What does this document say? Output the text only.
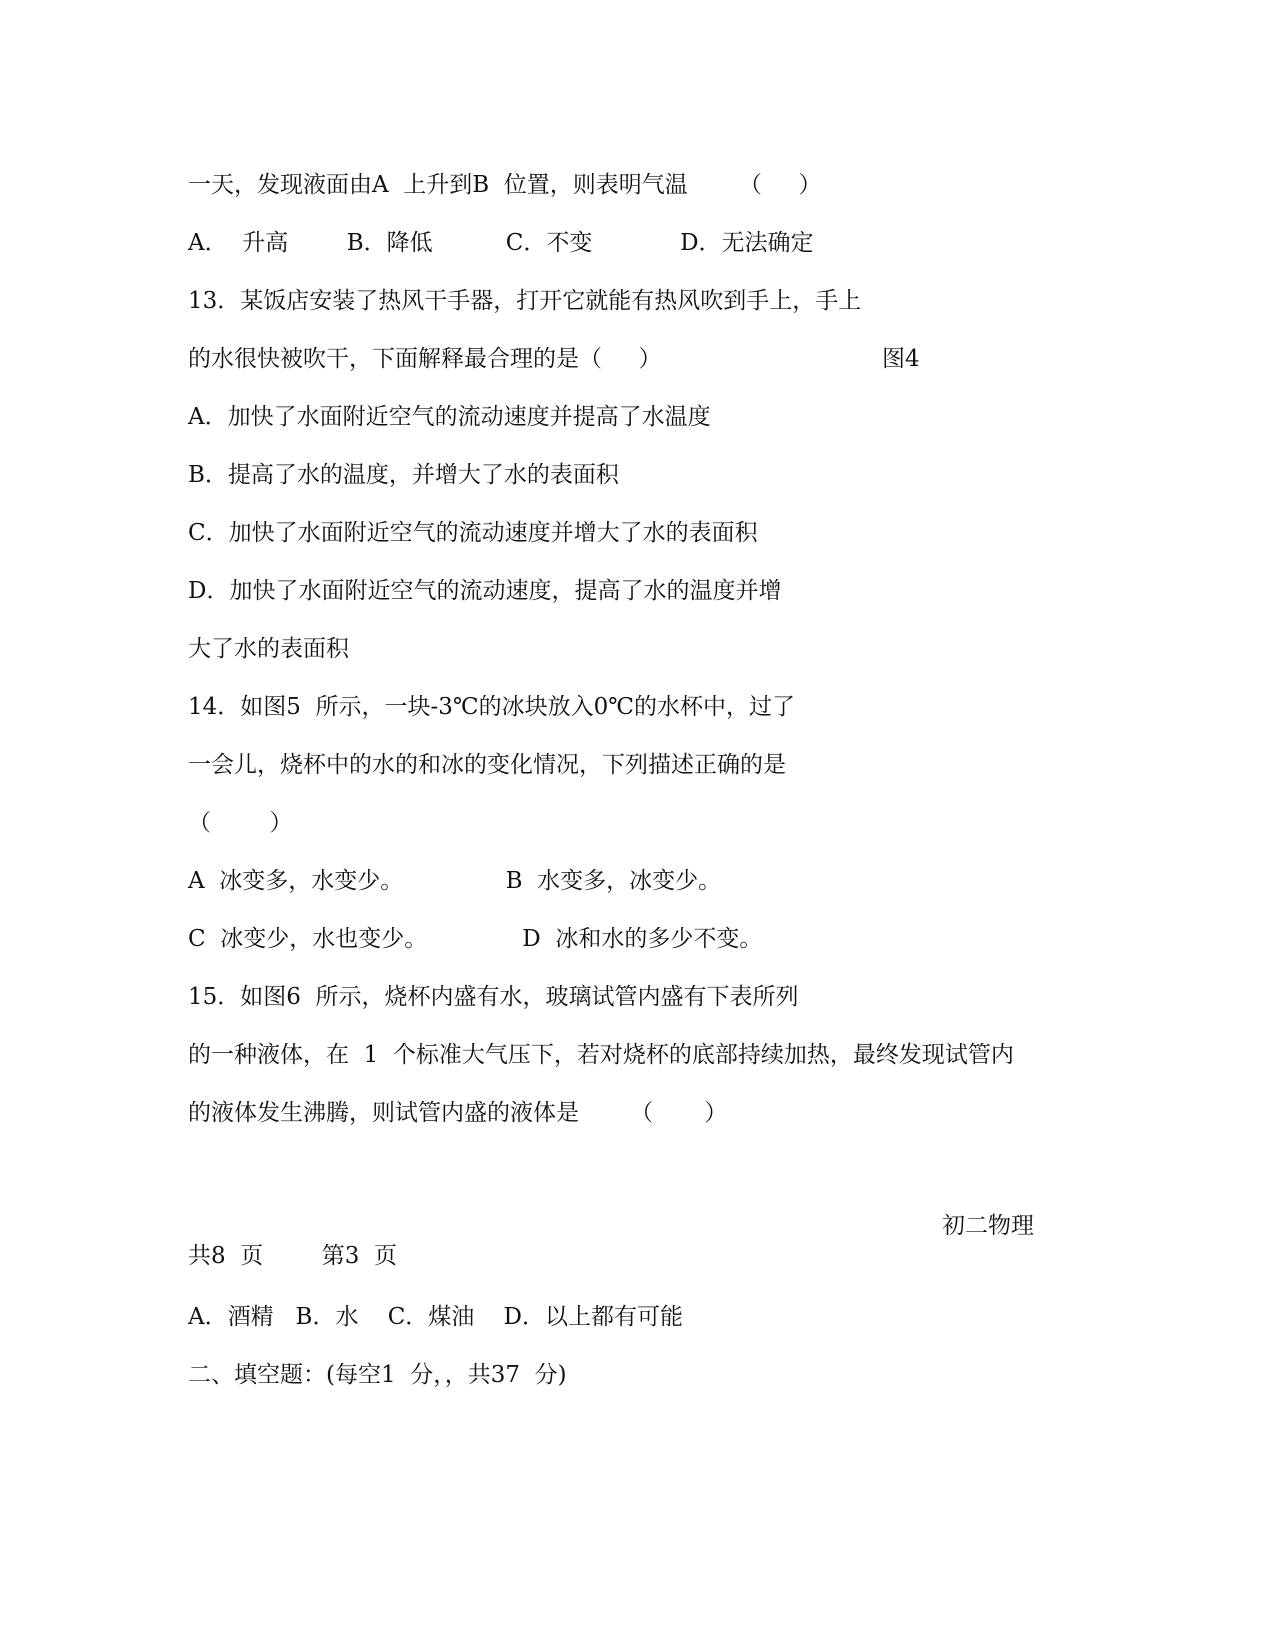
一天，发现液面由A  上升到B  位置，则表明气温       （     ）
A．  升高        B．降低          C．不变            D．无法确定
13．某饭店安装了热风干手器，打开它就能有热风吹到手上，手上
的水很快被吹干，下面解释最合理的是（     ）	图4
A．加快了水面附近空气的流动速度并提高了水温度
B．提高了水的温度，并增大了水的表面积
C．加快了水面附近空气的流动速度并增大了水的表面积
D．加快了水面附近空气的流动速度，提高了水的温度并增
大了水的表面积
14．如图5  所示，一块-3℃的冰块放入0℃的水杯中，过了
一会儿，烧杯中的水的和冰的变化情况，下列描述正确的是
（        ）
A  冰变多，水变少。              B  水变多，冰变少。
C  冰变少，水也变少。             D  冰和水的多少不变。
15．如图6  所示，烧杯内盛有水，玻璃试管内盛有下表所列
的一种液体，在  1  个标准大气压下，若对烧杯的底部持续加热，最终发现试管内
的液体发生沸腾，则试管内盛的液体是       （       ）
初二物理
共8  页        第3  页
A．酒精   B．水    C．煤油    D．以上都有可能
二、填空题：(每空1  分，，共37  分)
